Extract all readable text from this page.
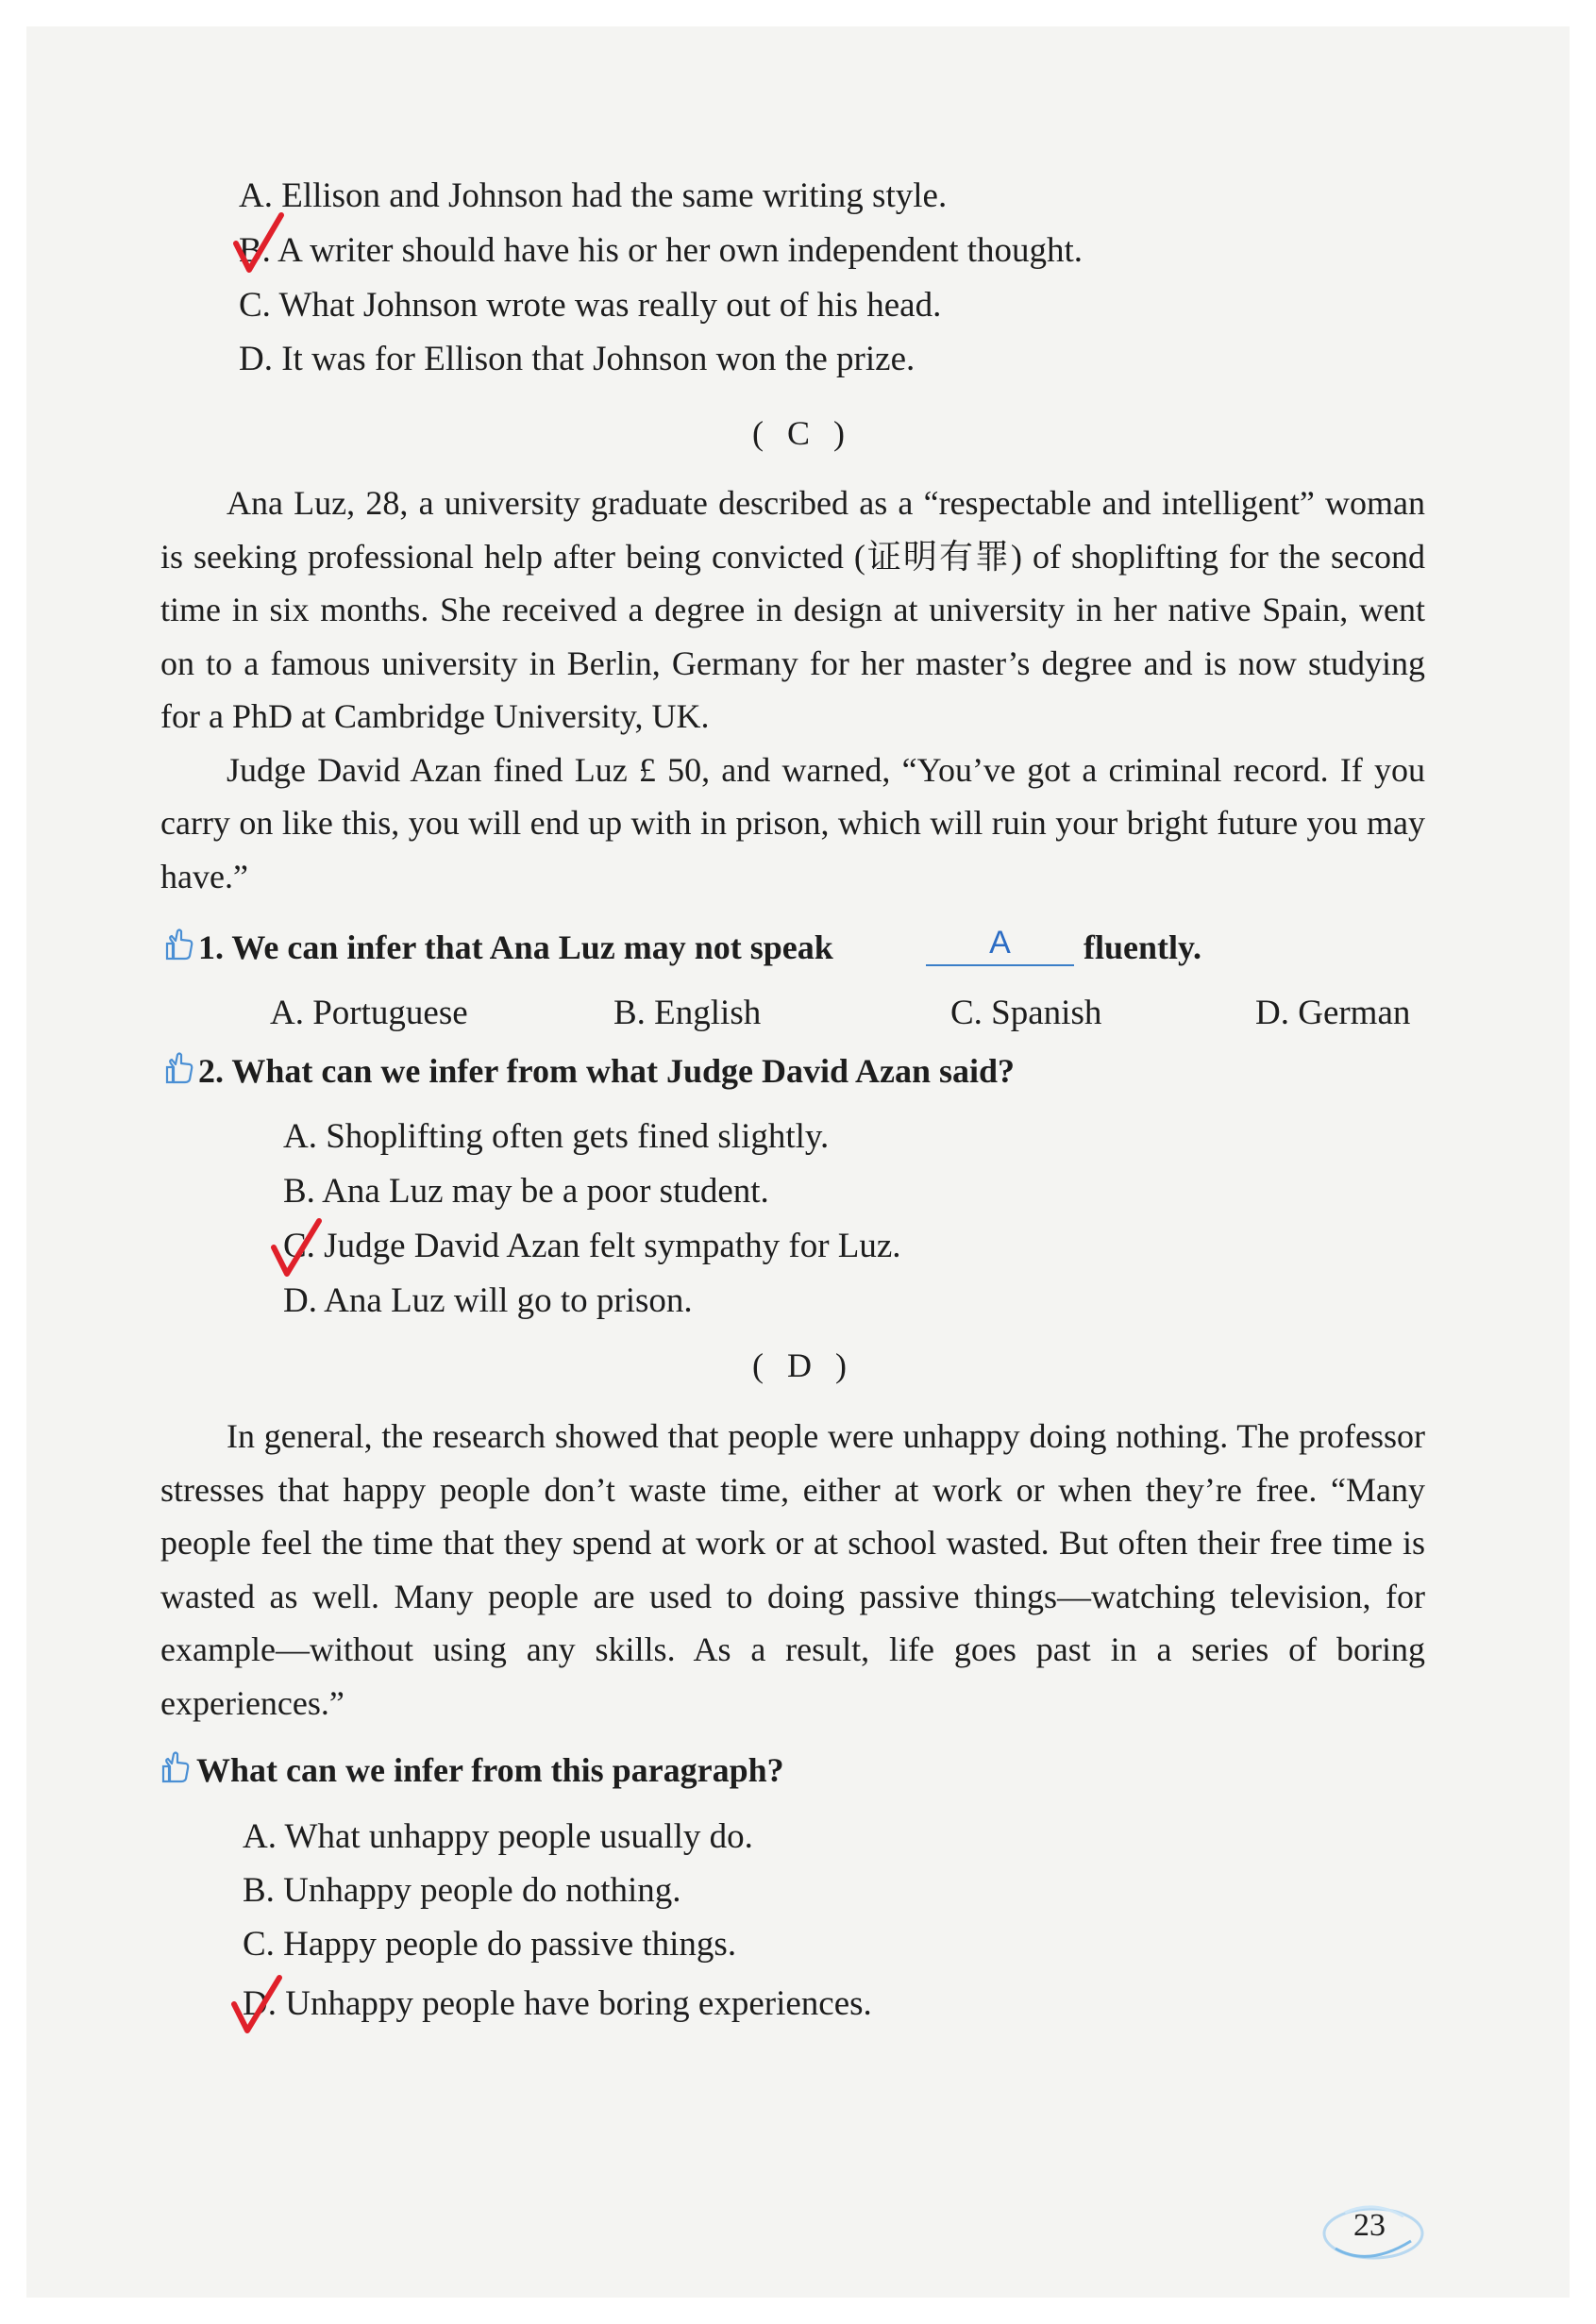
A. Ellison and Johnson had the same writing style.
B. A writer should have his or her own independent thought.
C. What Johnson wrote was really out of his head.
D. It was for Ellison that Johnson won the prize.
( C )

Ana Luz, 28, a university graduate described as a “respectable and intelligent” woman is seeking professional help after being convicted (证明有罪) of shoplifting for the second time in six months. She received a degree in design at university in her native Spain, went on to a famous university in Berlin, Germany for her master’s degree and is now studying for a PhD at Cambridge University, UK.

Judge David Azan fined Luz £ 50, and warned, “You’ve got a criminal record. If you carry on like this, you will end up with in prison, which will ruin your bright future you may have.”

1. We can infer that Ana Luz may not speak	A	fluently.
A. Portuguese	B. English	C. Spanish	D. German
2. What can we infer from what Judge David Azan said?
A. Shoplifting often gets fined slightly.
B. Ana Luz may be a poor student.
C. Judge David Azan felt sympathy for Luz.
D. Ana Luz will go to prison.
( D )

In general, the research showed that people were unhappy doing nothing. The professor stresses that happy people don’t waste time, either at work or when they’re free. “Many people feel the time that they spend at work or at school wasted. But often their free time is wasted as well. Many people are used to doing passive things—watching television, for example—without using any skills. As a result, life goes past in a series of boring experiences.”

What can we infer from this paragraph?
A. What unhappy people usually do.
B. Unhappy people do nothing.
C. Happy people do passive things.
D. Unhappy people have boring experiences.
23
